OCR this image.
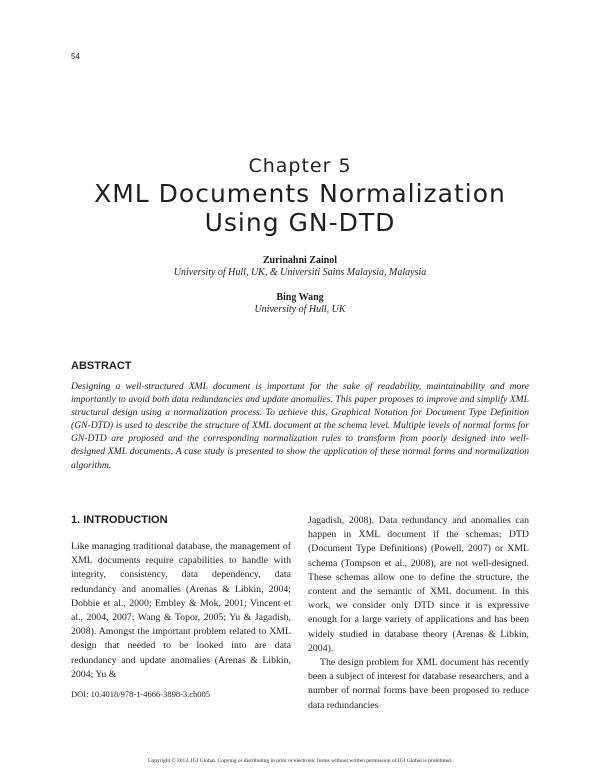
54
Chapter 5
XML Documents Normalization
Using GN-DTD
Zurinahni Zainol
University of Hull, UK, & Universiti Sains Malaysia, Malaysia
Bing Wang
University of Hull, UK
ABSTRACT
Designing a well-structured XML document is important for the sake of readability, maintainability and more importantly to avoid both data redundancies and update anomalies. This paper proposes to improve and simplify XML structural design using a normalization process. To achieve this, Graphical Notation for Document Type Definition (GN-DTD) is used to describe the structure of XML document at the schema level. Multiple levels of normal forms for GN-DTD are proposed and the corresponding normalization rules to transform from poorly designed into well-designed XML documents. A case study is presented to show the application of these normal forms and normalization algorithm.
1. INTRODUCTION

Like managing traditional database, the management of XML documents require capabilities to handle with integrity, consistency, data dependency, data redundancy and anomalies (Arenas & Libkin, 2004; Dobbie et al., 2000; Embley & Mok, 2001; Vincent et al., 2004, 2007; Wang & Topor, 2005; Yu & Jagadish, 2008). Amongst the important problem related to XML design that needed to be looked into are data redundancy and update anomalies (Arenas & Libkin, 2004; Yu &

Jagadish, 2008). Data redundancy and anomalies can happen in XML document if the schemas: DTD (Document Type Definitions) (Powell, 2007) or XML schema (Tompson et al., 2008), are not well-designed. These schemas allow one to define the structure, the content and the semantic of XML document. In this work, we consider only DTD since it is expressive enough for a large variety of applications and has been widely studied in database theory (Arenas & Libkin, 2004).

The design problem for XML document has recently been a subject of interest for database researchers, and a number of normal forms have been proposed to reduce data redundancies

DOI: 10.4018/978-1-4666-3898-3.ch005
Copyright © 2013, IGI Global. Copying or distributing in print or electronic forms without written permission of IGI Global is prohibited.
